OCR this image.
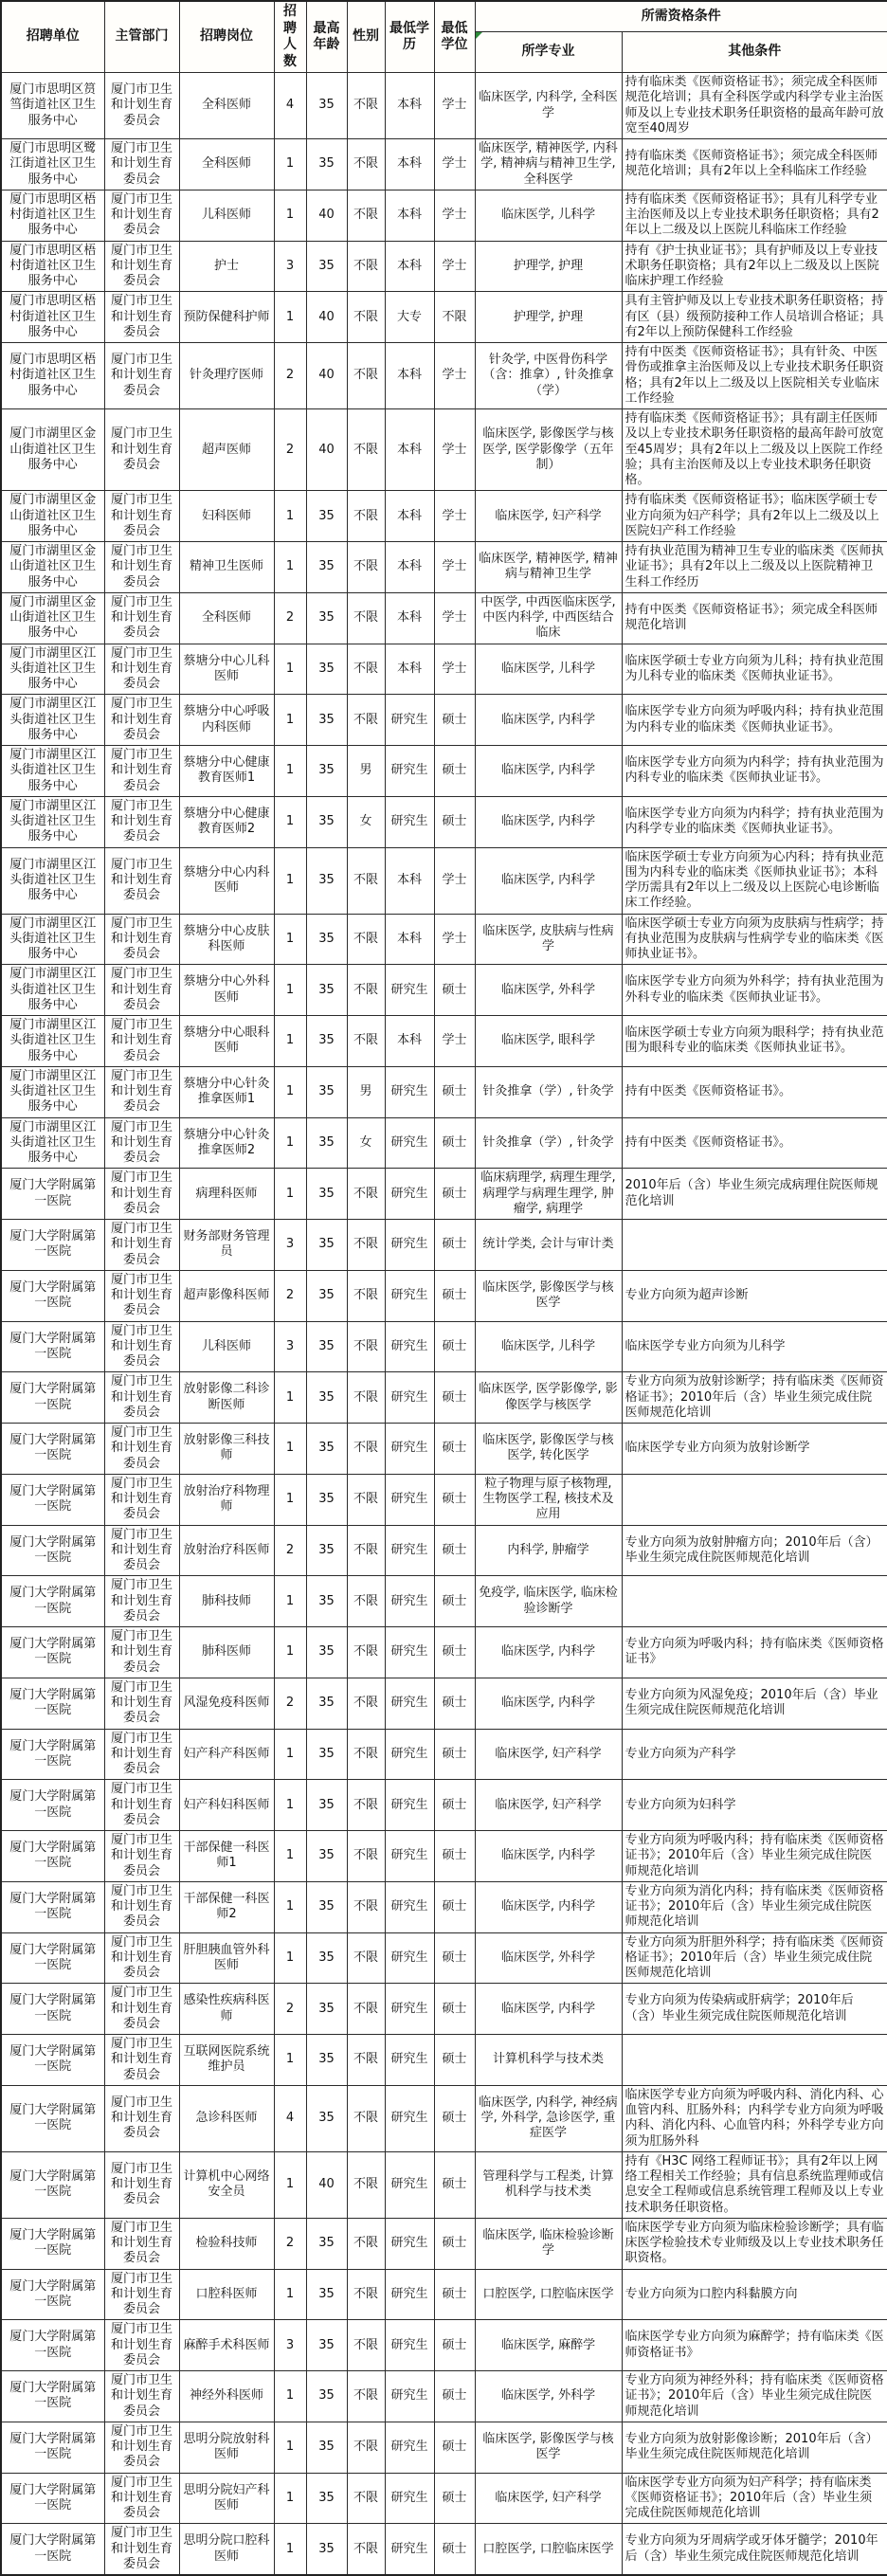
招聘单位	主管部门	招聘岗位	招聘人数	最高年龄	性别	最低学历	最低学位	所需资格条件	
								所学专业	其他条件
厦门市思明区筼筜街道社区卫生服务中心	厦门市卫生和计划生育委员会	全科医师	4	35	不限	本科	学士	临床医学, 内科学, 全科医学	持有临床类《医师资格证书》；须完成全科医师规范化培训；具有全科医学或内科学专业主治医师及以上专业技术职务任职资格的最高年龄可放宽至40周岁
厦门市思明区鹭江街道社区卫生服务中心	厦门市卫生和计划生育委员会	全科医师	1	35	不限	本科	学士	临床医学, 精神医学, 内科学, 精神病与精神卫生学, 全科医学	持有临床类《医师资格证书》；须完成全科医师规范化培训；具有2年以上全科临床工作经验
厦门市思明区梧村街道社区卫生服务中心	厦门市卫生和计划生育委员会	儿科医师	1	40	不限	本科	学士	临床医学, 儿科学	持有临床类《医师资格证书》；具有儿科学专业主治医师及以上专业技术职务任职资格；具有2年以上二级及以上医院儿科临床工作经验
厦门市思明区梧村街道社区卫生服务中心	厦门市卫生和计划生育委员会	护士	3	35	不限	本科	学士	护理学, 护理	持有《护士执业证书》；具有护师及以上专业技术职务任职资格；具有2年以上二级及以上医院临床护理工作经验
厦门市思明区梧村街道社区卫生服务中心	厦门市卫生和计划生育委员会	预防保健科护师	1	40	不限	大专	不限	护理学, 护理	具有主管护师及以上专业技术职务任职资格；持有区（县）级预防接种工作人员培训合格证；具有2年以上预防保健科工作经验
厦门市思明区梧村街道社区卫生服务中心	厦门市卫生和计划生育委员会	针灸理疗医师	2	40	不限	本科	学士	针灸学, 中医骨伤科学（含：推拿）, 针灸推拿（学）	持有中医类《医师资格证书》；具有针灸、中医骨伤或推拿主治医师及以上专业技术职务任职资格；具有2年以上二级及以上医院相关专业临床工作经验
厦门市湖里区金山街道社区卫生服务中心	厦门市卫生和计划生育委员会	超声医师	2	40	不限	本科	学士	临床医学, 影像医学与核医学, 医学影像学（五年制）	持有临床类《医师资格证书》；具有副主任医师及以上专业技术职务任职资格的最高年龄可放宽至45周岁；具有2年以上二级及以上医院工作经验；具有主治医师及以上专业技术职务任职资格。
厦门市湖里区金山街道社区卫生服务中心	厦门市卫生和计划生育委员会	妇科医师	1	35	不限	本科	学士	临床医学, 妇产科学	持有临床类《医师资格证书》；临床医学硕士专业方向须为妇产科学；具有2年以上二级及以上医院妇产科工作经验
厦门市湖里区金山街道社区卫生服务中心	厦门市卫生和计划生育委员会	精神卫生医师	1	35	不限	本科	学士	临床医学, 精神医学, 精神病与精神卫生学	持有执业范围为精神卫生专业的临床类《医师执业证书》；具有2年以上二级及以上医院精神卫生科工作经历
厦门市湖里区金山街道社区卫生服务中心	厦门市卫生和计划生育委员会	全科医师	2	35	不限	本科	学士	中医学, 中西医临床医学, 中医内科学, 中西医结合临床	持有中医类《医师资格证书》；须完成全科医师规范化培训
厦门市湖里区江头街道社区卫生服务中心	厦门市卫生和计划生育委员会	蔡塘分中心儿科医师	1	35	不限	本科	学士	临床医学, 儿科学	临床医学硕士专业方向须为儿科；持有执业范围为儿科专业的临床类《医师执业证书》。
厦门市湖里区江头街道社区卫生服务中心	厦门市卫生和计划生育委员会	蔡塘分中心呼吸内科医师	1	35	不限	研究生	硕士	临床医学, 内科学	临床医学专业方向须为呼吸内科；持有执业范围为内科专业的临床类《医师执业证书》。
厦门市湖里区江头街道社区卫生服务中心	厦门市卫生和计划生育委员会	蔡塘分中心健康教育医师1	1	35	男	研究生	硕士	临床医学, 内科学	临床医学专业方向须为内科学；持有执业范围为内科专业的临床类《医师执业证书》。
厦门市湖里区江头街道社区卫生服务中心	厦门市卫生和计划生育委员会	蔡塘分中心健康教育医师2	1	35	女	研究生	硕士	临床医学, 内科学	临床医学专业方向须为内科学；持有执业范围为内科学专业的临床类《医师执业证书》。
厦门市湖里区江头街道社区卫生服务中心	厦门市卫生和计划生育委员会	蔡塘分中心内科医师	1	35	不限	本科	学士	临床医学, 内科学	临床医学硕士专业方向须为心内科；持有执业范围为内科专业的临床类《医师执业证书》；本科学历需具有2年以上二级及以上医院心电诊断临床工作经验。
厦门市湖里区江头街道社区卫生服务中心	厦门市卫生和计划生育委员会	蔡塘分中心皮肤科医师	1	35	不限	本科	学士	临床医学, 皮肤病与性病学	临床医学硕士专业方向须为皮肤病与性病学；持有执业范围为皮肤病与性病学专业的临床类《医师执业证书》。
厦门市湖里区江头街道社区卫生服务中心	厦门市卫生和计划生育委员会	蔡塘分中心外科医师	1	35	不限	研究生	硕士	临床医学, 外科学	临床医学专业方向须为外科学；持有执业范围为外科专业的临床类《医师执业证书》。
厦门市湖里区江头街道社区卫生服务中心	厦门市卫生和计划生育委员会	蔡塘分中心眼科医师	1	35	不限	本科	学士	临床医学, 眼科学	临床医学硕士专业方向须为眼科学；持有执业范围为眼科专业的临床类《医师执业证书》。
厦门市湖里区江头街道社区卫生服务中心	厦门市卫生和计划生育委员会	蔡塘分中心针灸推拿医师1	1	35	男	研究生	硕士	针灸推拿（学）, 针灸学	持有中医类《医师资格证书》。
厦门市湖里区江头街道社区卫生服务中心	厦门市卫生和计划生育委员会	蔡塘分中心针灸推拿医师2	1	35	女	研究生	硕士	针灸推拿（学）, 针灸学	持有中医类《医师资格证书》。
厦门大学附属第一医院	厦门市卫生和计划生育委员会	病理科医师	1	35	不限	研究生	硕士	临床病理学, 病理生理学, 病理学与病理生理学, 肿瘤学, 病理学	2010年后（含）毕业生须完成病理住院医师规范化培训
厦门大学附属第一医院	厦门市卫生和计划生育委员会	财务部财务管理员	3	35	不限	研究生	硕士	统计学类, 会计与审计类	
厦门大学附属第一医院	厦门市卫生和计划生育委员会	超声影像科医师	2	35	不限	研究生	硕士	临床医学, 影像医学与核医学	专业方向须为超声诊断
厦门大学附属第一医院	厦门市卫生和计划生育委员会	儿科医师	3	35	不限	研究生	硕士	临床医学, 儿科学	临床医学专业方向须为儿科学
厦门大学附属第一医院	厦门市卫生和计划生育委员会	放射影像二科诊断医师	1	35	不限	研究生	硕士	临床医学, 医学影像学, 影像医学与核医学	专业方向须为放射诊断学；持有临床类《医师资格证书》；2010年后（含）毕业生须完成住院医师规范化培训
厦门大学附属第一医院	厦门市卫生和计划生育委员会	放射影像三科技师	1	35	不限	研究生	硕士	临床医学, 影像医学与核医学, 转化医学	临床医学专业方向须为放射诊断学
厦门大学附属第一医院	厦门市卫生和计划生育委员会	放射治疗科物理师	1	35	不限	研究生	硕士	粒子物理与原子核物理, 生物医学工程, 核技术及应用	
厦门大学附属第一医院	厦门市卫生和计划生育委员会	放射治疗科医师	2	35	不限	研究生	硕士	内科学, 肿瘤学	专业方向须为放射肿瘤方向；2010年后（含）毕业生须完成住院医师规范化培训
厦门大学附属第一医院	厦门市卫生和计划生育委员会	肺科技师	1	35	不限	研究生	硕士	免疫学, 临床医学, 临床检验诊断学	
厦门大学附属第一医院	厦门市卫生和计划生育委员会	肺科医师	1	35	不限	研究生	硕士	临床医学, 内科学	专业方向须为呼吸内科；持有临床类《医师资格证书》
厦门大学附属第一医院	厦门市卫生和计划生育委员会	风湿免疫科医师	2	35	不限	研究生	硕士	临床医学, 内科学	专业方向须为风湿免疫；2010年后（含）毕业生须完成住院医师规范化培训
厦门大学附属第一医院	厦门市卫生和计划生育委员会	妇产科产科医师	1	35	不限	研究生	硕士	临床医学, 妇产科学	专业方向须为产科学
厦门大学附属第一医院	厦门市卫生和计划生育委员会	妇产科妇科医师	1	35	不限	研究生	硕士	临床医学, 妇产科学	专业方向须为妇科学
厦门大学附属第一医院	厦门市卫生和计划生育委员会	干部保健一科医师1	1	35	不限	研究生	硕士	临床医学, 内科学	专业方向须为呼吸内科；持有临床类《医师资格证书》；2010年后（含）毕业生须完成住院医师规范化培训
厦门大学附属第一医院	厦门市卫生和计划生育委员会	干部保健一科医师2	1	35	不限	研究生	硕士	临床医学, 内科学	专业方向须为消化内科；持有临床类《医师资格证书》；2010年后（含）毕业生须完成住院医师规范化培训
厦门大学附属第一医院	厦门市卫生和计划生育委员会	肝胆胰血管外科医师	1	35	不限	研究生	硕士	临床医学, 外科学	专业方向须为肝胆外科学；持有临床类《医师资格证书》；2010年后（含）毕业生须完成住院医师规范化培训
厦门大学附属第一医院	厦门市卫生和计划生育委员会	感染性疾病科医师	2	35	不限	研究生	硕士	临床医学, 内科学	专业方向须为传染病或肝病学；2010年后（含）毕业生须完成住院医师规范化培训
厦门大学附属第一医院	厦门市卫生和计划生育委员会	互联网医院系统维护员	1	35	不限	研究生	硕士	计算机科学与技术类	
厦门大学附属第一医院	厦门市卫生和计划生育委员会	急诊科医师	4	35	不限	研究生	硕士	临床医学, 内科学, 神经病学, 外科学, 急诊医学, 重症医学	临床医学专业方向须为呼吸内科、消化内科、心血管内科、肛肠外科；内科学专业方向须为呼吸内科、消化内科、心血管内科；外科学专业方向须为肛肠外科
厦门大学附属第一医院	厦门市卫生和计划生育委员会	计算机中心网络安全员	1	40	不限	研究生	硕士	管理科学与工程类, 计算机科学与技术类	持有《H3C 网络工程师证书》；具有2年以上网络工程相关工作经验；具有信息系统监理师或信息安全工程师或信息系统管理工程师及以上专业技术职务任职资格。
厦门大学附属第一医院	厦门市卫生和计划生育委员会	检验科技师	2	35	不限	研究生	硕士	临床医学, 临床检验诊断学	临床医学专业方向须为临床检验诊断学；具有临床医学检验技术专业师级及以上专业技术职务任职资格。
厦门大学附属第一医院	厦门市卫生和计划生育委员会	口腔科医师	1	35	不限	研究生	硕士	口腔医学, 口腔临床医学	专业方向须为口腔内科黏膜方向
厦门大学附属第一医院	厦门市卫生和计划生育委员会	麻醉手术科医师	3	35	不限	研究生	硕士	临床医学, 麻醉学	临床医学专业方向须为麻醉学；持有临床类《医师资格证书》
厦门大学附属第一医院	厦门市卫生和计划生育委员会	神经外科医师	1	35	不限	研究生	硕士	临床医学, 外科学	专业方向须为神经外科；持有临床类《医师资格证书》；2010年后（含）毕业生须完成住院医师规范化培训
厦门大学附属第一医院	厦门市卫生和计划生育委员会	思明分院放射科医师	1	35	不限	研究生	硕士	临床医学, 影像医学与核医学	专业方向须为放射影像诊断；2010年后（含）毕业生须完成住院医师规范化培训
厦门大学附属第一医院	厦门市卫生和计划生育委员会	思明分院妇产科医师	1	35	不限	研究生	硕士	临床医学, 妇产科学	临床医学专业方向须为妇产科学；持有临床类《医师资格证书》；2010年后（含）毕业生须完成住院医师规范化培训
厦门大学附属第一医院	厦门市卫生和计划生育委员会	思明分院口腔科医师	1	35	不限	研究生	硕士	口腔医学, 口腔临床医学	专业方向须为牙周病学或牙体牙髓学；2010年后（含）毕业生须完成住院医师规范化培训
